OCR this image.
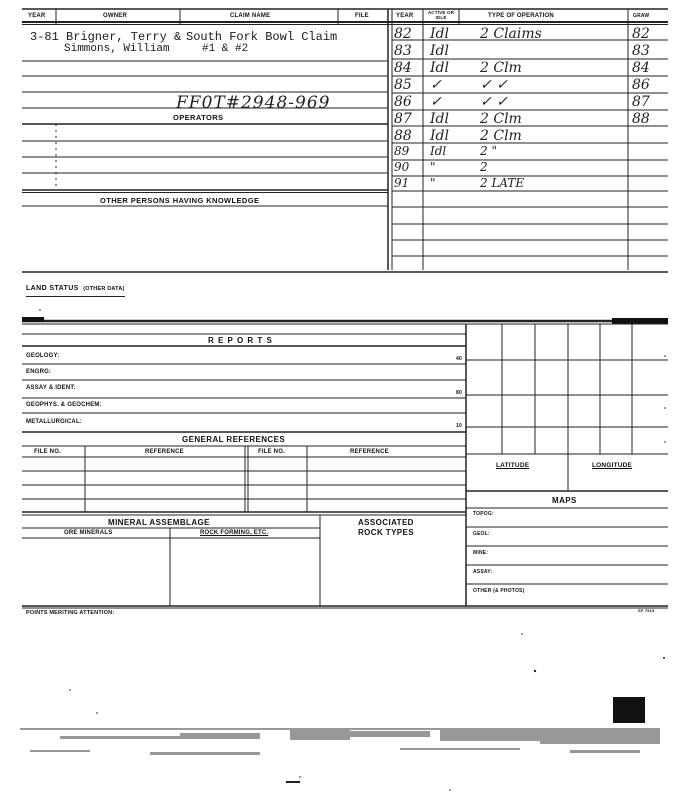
YEAR	OWNER	CLAIM NAME	FILE	YEAR
ACTIVE OR IDLE	TYPE OF OPERATION	GRAW
3-81 Brigner, Terry & South Fork Bowl Claim
Simmons, William	#1 & #2
FF0T#2948-969
OPERATORS
OTHER PERSONS HAVING KNOWLEDGE
82 Idl 2 Claims	82
83 Idl	83
84 Idl 2 Clm	84
85 ✓	✓ ✓	86
86 ✓	✓ ✓	87
87 Idl 2 Clm	88
88 Idl 2 Clm
89 Idl	2 "
90 "	2
91 "	2 LATE
LAND STATUS (OTHER DATA)
R E P O R T S
GEOLOGY:	40
ENGRG:
ASSAY & IDENT:
80
GEOPHYS. & GEOCHEM:
METALLURGICAL:
10
GENERAL REFERENCES
FILE NO.	REFERENCE	FILE NO.	REFERENCE
LATITUDE	LONGITUDE
MAPS
TOPOG:
GEOL:
MINE:
ASSAY:
OTHER (& PHOTOS)
MINERAL ASSEMBLAGE
ORE MINERALS	ROCK FORMING, ETC.
ASSOCIATED
ROCK TYPES
POINTS MERITING ATTENTION:	SF 7915
